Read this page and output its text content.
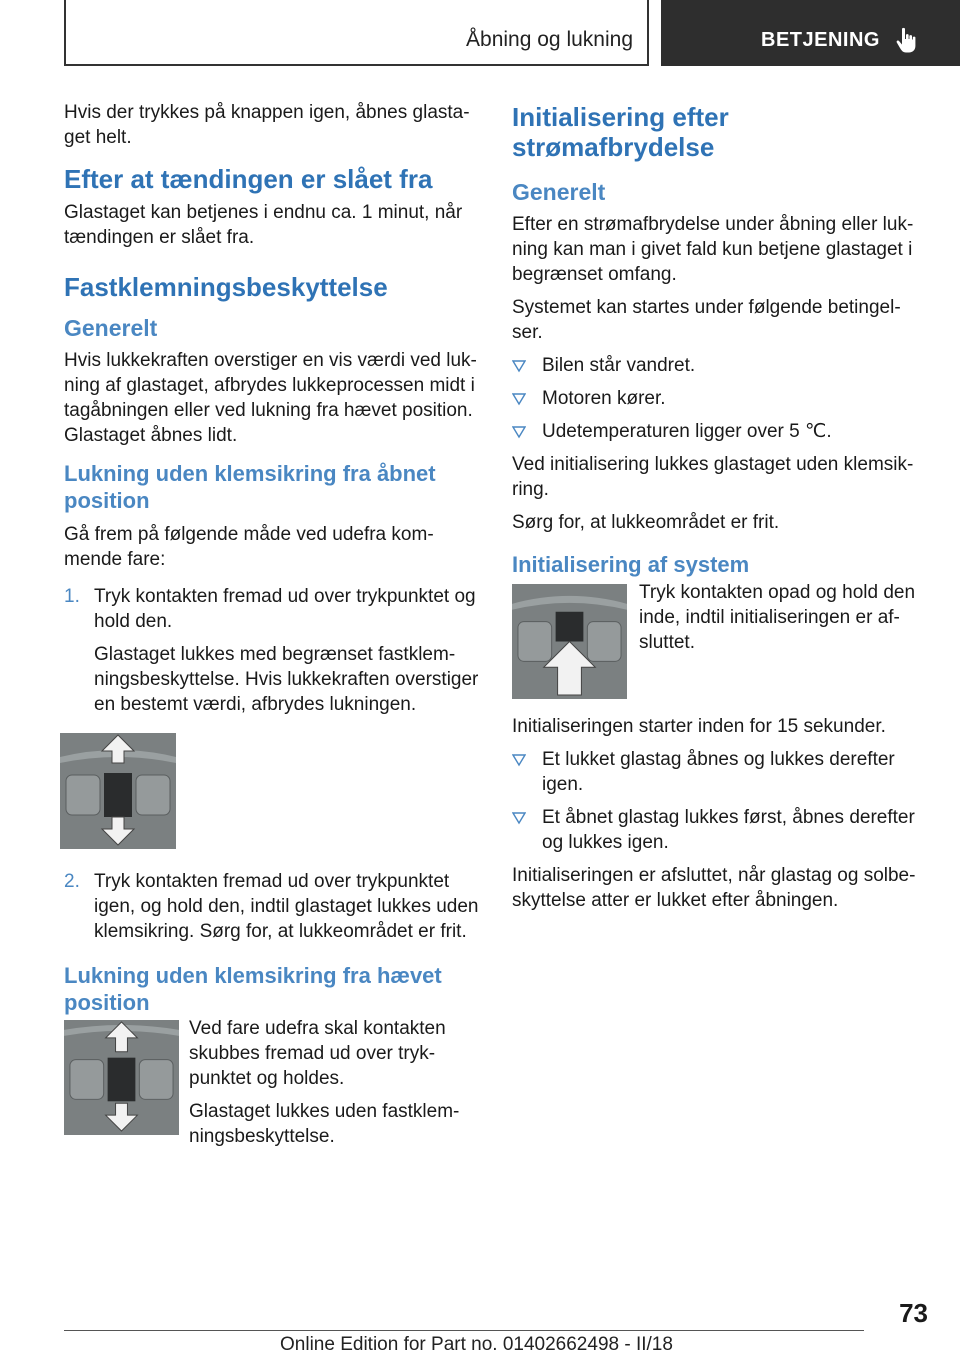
Åbning og lukning	BETJENING

Hvis der trykkes på knappen igen, åbnes glastaget helt.

Efter at tændingen er slået fra

Glastaget kan betjenes i endnu ca. 1 minut, når tændingen er slået fra.

Fastklemningsbeskyttelse
Generelt

Hvis lukkekraften overstiger en vis værdi ved lukning af glastaget, afbrydes lukkeprocessen midt i tagåbningen eller ved lukning fra hævet position. Glastaget åbnes lidt.

Lukning uden klemsikring fra åbnet position

Gå frem på følgende måde ved udefra kommende fare:

1. Tryk kontakten fremad ud over trykpunktet og hold den.

Glastaget lukkes med begrænset fastklemningsbeskyttelse. Hvis lukkekraften overstiger en bestemt værdi, afbrydes lukningen.

2. Tryk kontakten fremad ud over trykpunktet igen, og hold den, indtil glastaget lukkes uden klemsikring. Sørg for, at lukkeområdet er frit.

Lukning uden klemsikring fra hævet position

Ved fare udefra skal kontakten skubbes fremad ud over trykpunktet og holdes.

Glastaget lukkes uden fastklemningsbeskyttelse.

Initialisering efter strømafbrydelse
Generelt

Efter en strømafbrydelse under åbning eller lukning kan man i givet fald kun betjene glastaget i begrænset omfang.

Systemet kan startes under følgende betingelser.

Bilen står vandret.

Motoren kører.

Udetemperaturen ligger over 5 ℃.

Ved initialisering lukkes glastaget uden klemsikring.

Sørg for, at lukkeområdet er frit.

Initialisering af system

Tryk kontakten opad og hold den inde, indtil initialiseringen er afsluttet.

Initialiseringen starter inden for 15 sekunder.

Et lukket glastag åbnes og lukkes derefter igen.

Et åbnet glastag lukkes først, åbnes derefter og lukkes igen.

Initialiseringen er afsluttet, når glastag og solbeskyttelse atter er lukket efter åbningen.

73
Online Edition for Part no. 01402662498 - II/18
